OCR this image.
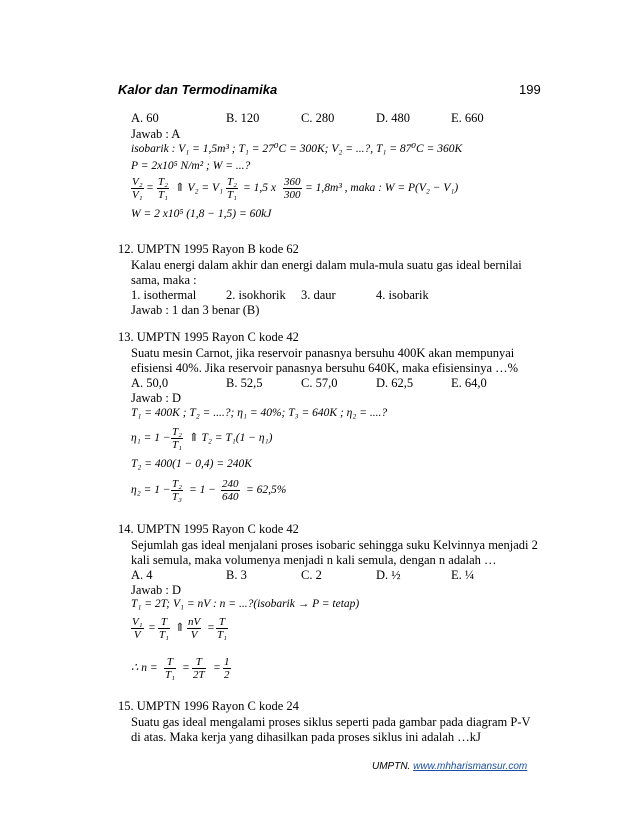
Kalor dan Termodinamika	199
A. 60	B. 120	C. 280	D. 480	E. 660
Jawab : A
isobarik : V₁ = 1,5m³ ; T₁ = 27⁰C = 300K; V₂ = ...?, T₁ = 87⁰C = 360K
P = 2x10⁵ N/m² ; W = ...?
$\frac{\text{V₂}}{\text{V₁}} = \frac{\text{T₂}}{\text{T₁}}$ ⇑ $V_2 = V_1 \frac{\text{T₂}}{\text{T₁}} = 1,5$ x $\frac{360}{300} = 1,8m^3$ , maka : W = P(V₂ − V₁)
W = 2 x10⁵ (1,8 − 1,5) = 60kJ
12. UMPTN 1995 Rayon B kode 62
Kalau energi dalam akhir dan energi dalam mula-mula suatu gas ideal bernilai
sama, maka :
1. isothermal 2. isokhorik 3. daur	4. isobarik
Jawab : 1 dan 3 benar (B)
13. UMPTN 1995 Rayon C kode 42
Suatu mesin Carnot, jika reservoir panasnya bersuhu 400K akan mempunyai
efisiensi 40%. Jika reservoir panasnya bersuhu 640K, maka efisiensinya …%
A. 50,0	B. 52,5	C. 57,0	D. 62,5	E. 64,0
Jawab : D
T₁ = 400K ; T₂ = ....?; η₁ = 40%; T₃ = 640K ; η₂ = ....?
$\eta_1 = 1 - \frac{\text{T₂}}{\text{T₁}}$ ⇑ T₂ = T₁(1 − η₁)
T₂ = 400(1 − 0,4) = 240K
$\eta_2 = 1 - \frac{\text{T₂}}{\text{T₃}} = 1 - \frac{240}{640} = 62,5\%$
14. UMPTN 1995 Rayon C kode 42
Sejumlah gas ideal menjalani proses isobaric sehingga suku Kelvinnya menjadi 2
kali semula, maka volumenya menjadi n kali semula, dengan n adalah …
A. 4	B. 3	C. 2	D. ½	E. ¼
Jawab : D
T₁ = 2T; V₁ = nV : n = ...?(isobarik → P = tetap)
$\frac{\text{V₁}}{V} = \frac{T}{\text{T₁}}$ ⇑ $\frac{nV}{V} = \frac{T}{\text{T₁}}$
∴ $n = \frac{T}{\text{T₁}} = \frac{T}{2T} = \frac{1}{2}$
15. UMPTN 1996 Rayon C kode 24
Suatu gas ideal mengalami proses siklus seperti pada gambar pada diagram P-V
di atas. Maka kerja yang dihasilkan pada proses siklus ini adalah …kJ
UMPTN. www.mhharismansur.com
